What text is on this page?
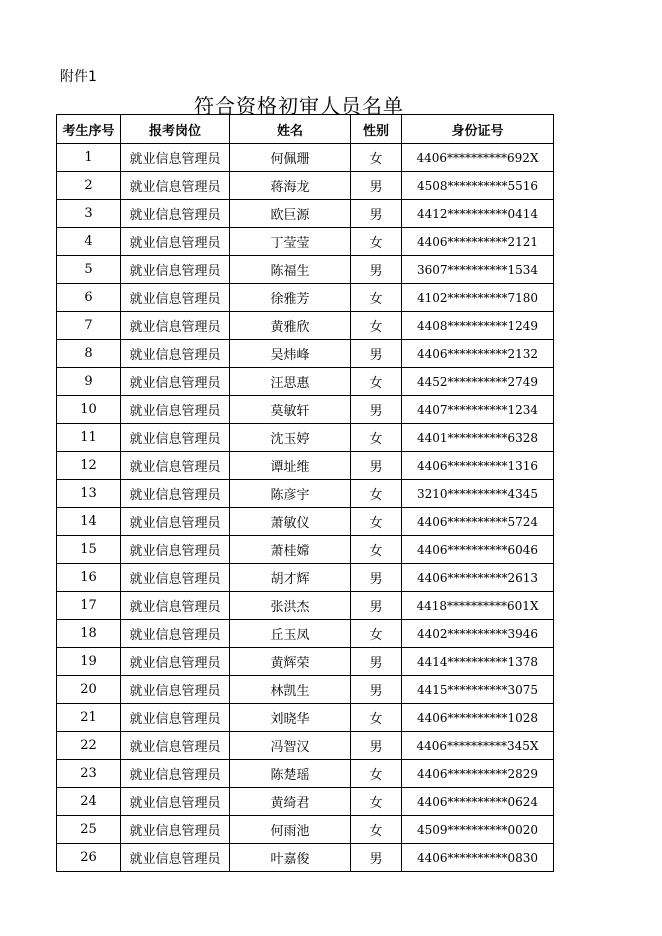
附件1
符合资格初审人员名单
考生序号	报考岗位	姓名	性别	身份证号
1	就业信息管理员	何佩珊	女	4406**********692X
2	就业信息管理员	蒋海龙	男	4508**********5516
3	就业信息管理员	欧巨源	男	4412**********0414
4	就业信息管理员	丁莹莹	女	4406**********2121
5	就业信息管理员	陈福生	男	3607**********1534
6	就业信息管理员	徐雅芳	女	4102**********7180
7	就业信息管理员	黄雅欣	女	4408**********1249
8	就业信息管理员	吴炜峰	男	4406**********2132
9	就业信息管理员	汪思惠	女	4452**********2749
10	就业信息管理员	莫敏轩	男	4407**********1234
11	就业信息管理员	沈玉婷	女	4401**********6328
12	就业信息管理员	谭址维	男	4406**********1316
13	就业信息管理员	陈彦宇	女	3210**********4345
14	就业信息管理员	萧敏仪	女	4406**********5724
15	就业信息管理员	萧桂嫦	女	4406**********6046
16	就业信息管理员	胡才辉	男	4406**********2613
17	就业信息管理员	张洪杰	男	4418**********601X
18	就业信息管理员	丘玉凤	女	4402**********3946
19	就业信息管理员	黄辉荣	男	4414**********1378
20	就业信息管理员	林凯生	男	4415**********3075
21	就业信息管理员	刘晓华	女	4406**********1028
22	就业信息管理员	冯智汉	男	4406**********345X
23	就业信息管理员	陈楚瑶	女	4406**********2829
24	就业信息管理员	黄绮君	女	4406**********0624
25	就业信息管理员	何雨池	女	4509**********0020
26	就业信息管理员	叶嘉俊	男	4406**********0830
